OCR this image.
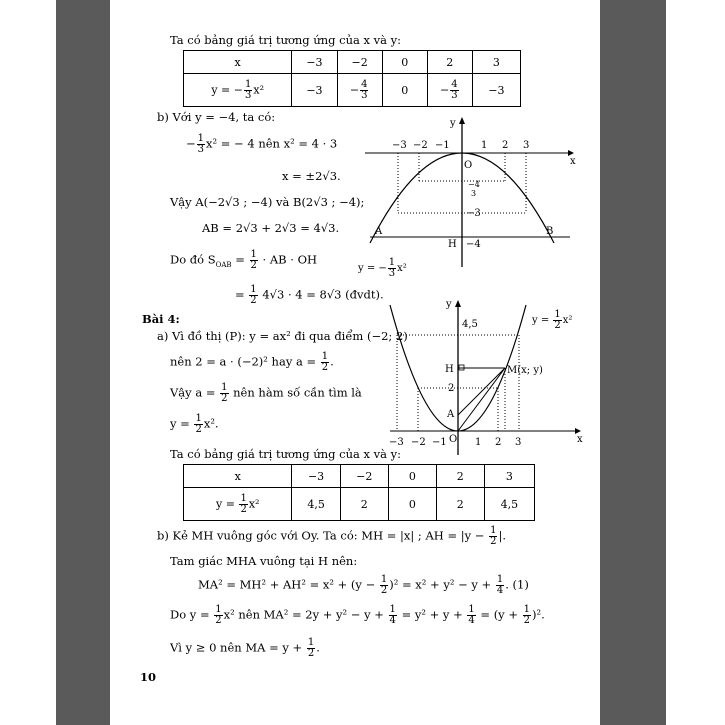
Ta có bảng giá trị tương ứng của x và y:
x	−3	−2	0	2	3
y = − $\frac{1}{3} x^2$	−3	− $\frac{4}{3}$	0	− $\frac{4}{3}$	−3
b) Với y = −4, ta có:
− $\frac{1}{3} x^2$ = − 4 nên x² = 4 · 3
x = ±2√3.
Vậy A(−2√3 ; −4) và B(2√3 ; −4);
AB = 2√3 + 2√3 = 4√3.
Do đó $S_{OAB} = \frac{1}{2}$ · AB · OH
= $\frac{1}{2} 4√3 \cdot 4 = 8√3$ (đvdt).
−3 −2 −1	1 2 3
x
y
O
−4
3
−3
H −4
A	B
y = − $\frac{1}{3} x^2$
Bài 4:
a) Vì đồ thị (P): y = ax² đi qua điểm (−2; 2)
nên 2 = a · (−2)² hay $a = \frac{1}{2}$ .
Vậy $a = \frac{1}{2}$ nên hàm số cần tìm là
$y = \frac{1}{2} x^2$.
−3 −2 −1	1 2 3	x
y
O
4,5
2
H
A
M(x; y)
$y = \frac{1}{2} x^2$
Ta có bảng giá trị tương ứng của x và y:
x	−3	−2	0	2	3
$y = \frac{1}{2} x^2$	4,5	2	0	2	4,5
b) Kẻ MH vuông góc với Oy. Ta có: MH = |x| ; AH = $|y - \frac{1}{2}$ |.
Tam giác MHA vuông tại H nên:
$MA^2 = MH^2 + AH^2 = x^2 + (y - \frac{1}{2} )^2 = x^2 + y^2 - y + \frac{1}{4}$ . (1)
Do $y = \frac{1}{2} x^2$ nên $MA^2 = 2y + y^2 - y + \frac{1}{4} = y^2 + y + \frac{1}{4} = (y + \frac{1}{2} )^2$.
Vì y ≥ 0 nên MA = $y + \frac{1}{2}$ .
10
